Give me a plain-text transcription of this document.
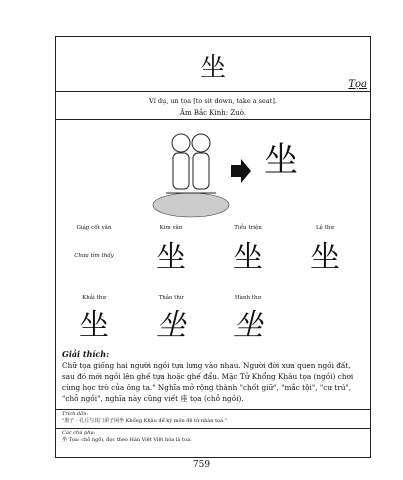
坐
Tọa
Ví dụ, un tọa [to sit down, take a seat].
Âm Bắc Kinh: Zuò.
坐
Giáp cốt văn	Kim văn	Tiểu triện	Lệ thư
Chưa tìm thấy	坐	坐	坐
Khải thư	Thảo thư	Hành thư
坐	坐	坐
Giải thích:
Chữ tọa giống hai người ngồi tựa lưng vào nhau. Người đời xưa quen ngồi đất, sau đó mới ngồi lên ghế tựa hoặc ghế đẩu. Mặc Tử Khổng Khâu tọa (ngồi) chơi cùng học trò của ông ta." Nghĩa mở rộng thành "chốt giữ", "mắc tội", "cư trú", "chỗ ngồi", nghĩa này cũng viết 座 tọa (chỗ ngồi).
Trích dẫn:
"墨子 · 孔丘与其门弟子闲坐 Khổng Khâu để kỳ môn đệ tử nhàn tọa."
Các chú phụ:
坐 Tọa: chỗ ngồi, đọc theo Hán Việt Việt hóa là toà.
759
